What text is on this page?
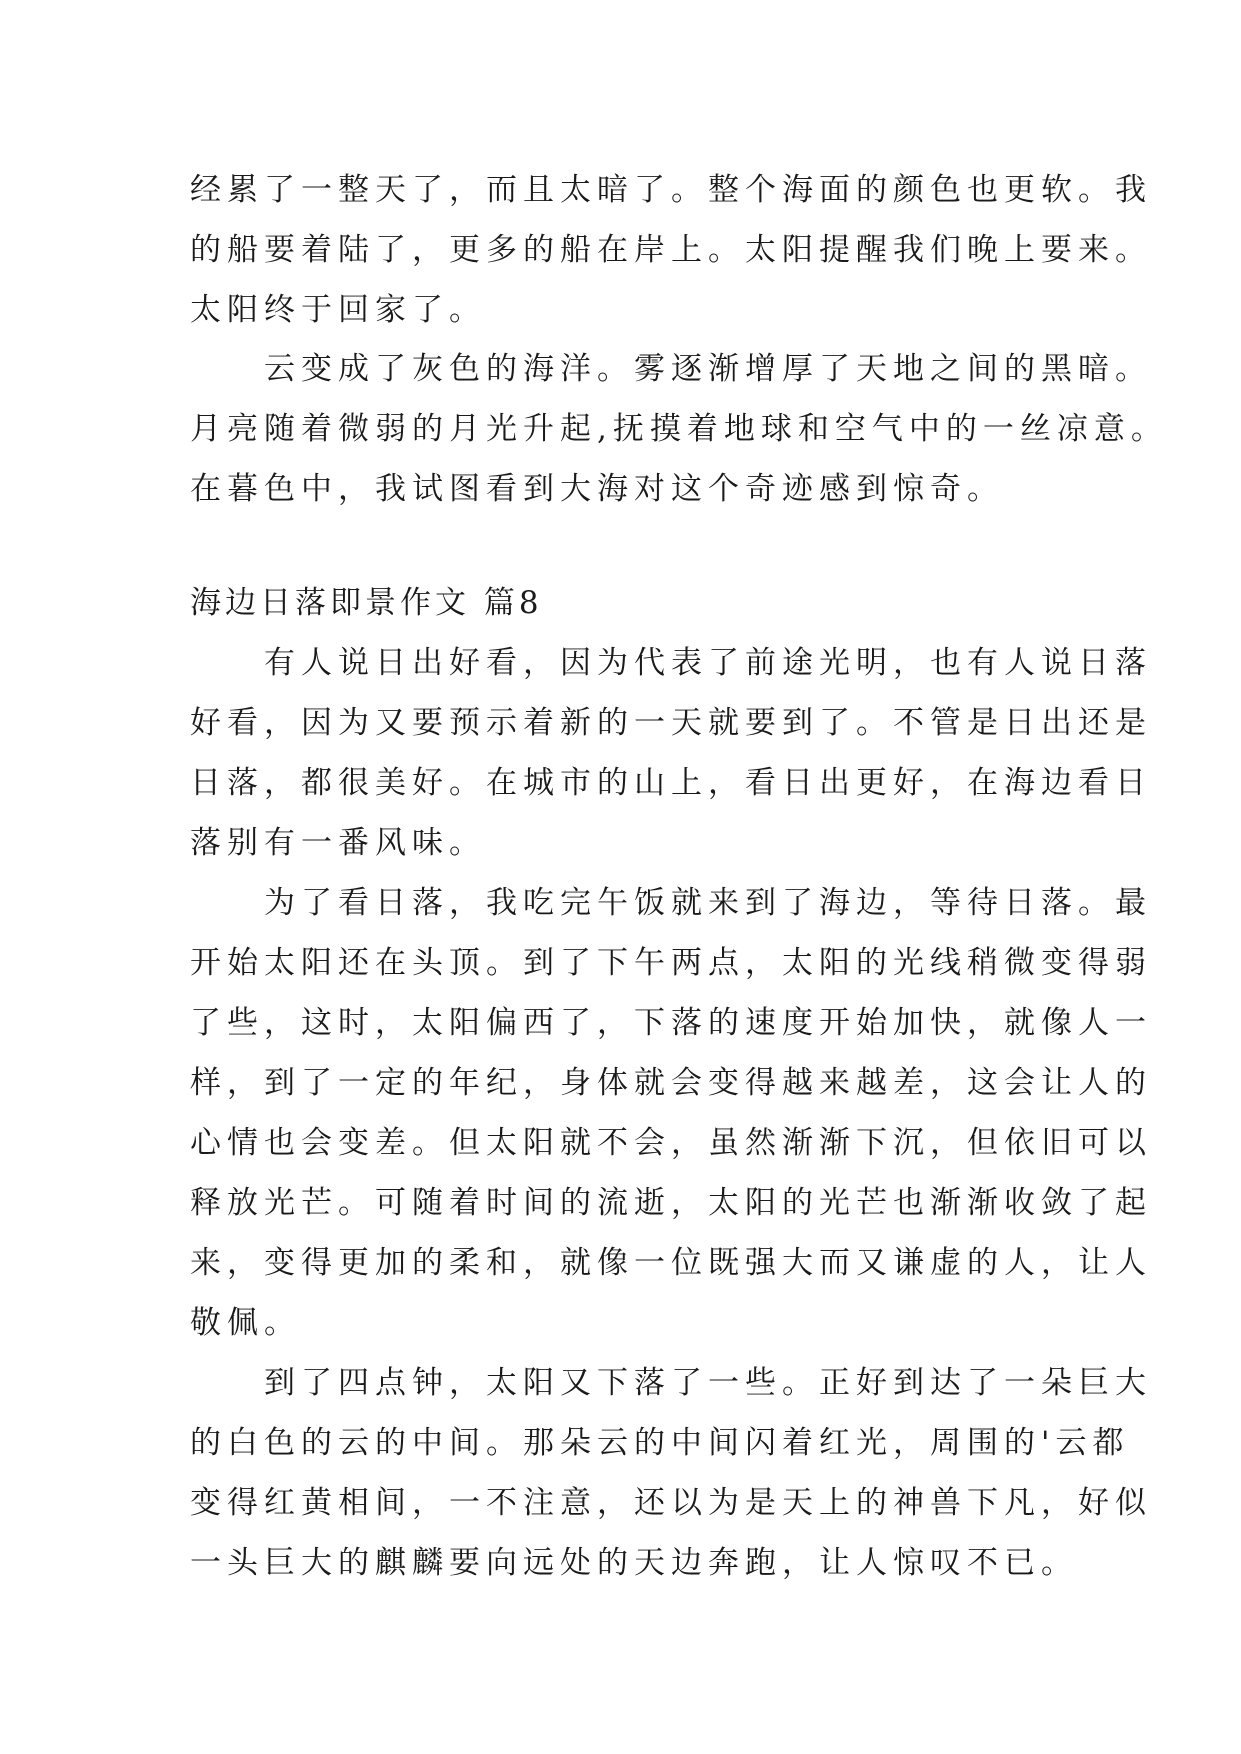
经累了一整天了，而且太暗了。整个海面的颜色也更软。我
的船要着陆了，更多的船在岸上。太阳提醒我们晚上要来。
太阳终于回家了。
　　云变成了灰色的海洋。雾逐渐增厚了天地之间的黑暗。
月亮随着微弱的月光升起,抚摸着地球和空气中的一丝凉意。
在暮色中，我试图看到大海对这个奇迹感到惊奇。
海边日落即景作文 篇8
　　有人说日出好看，因为代表了前途光明，也有人说日落
好看，因为又要预示着新的一天就要到了。不管是日出还是
日落，都很美好。在城市的山上，看日出更好，在海边看日
落别有一番风味。
　　为了看日落，我吃完午饭就来到了海边，等待日落。最
开始太阳还在头顶。到了下午两点，太阳的光线稍微变得弱
了些，这时，太阳偏西了，下落的速度开始加快，就像人一
样，到了一定的年纪，身体就会变得越来越差，这会让人的
心情也会变差。但太阳就不会，虽然渐渐下沉，但依旧可以
释放光芒。可随着时间的流逝，太阳的光芒也渐渐收敛了起
来，变得更加的柔和，就像一位既强大而又谦虚的人，让人
敬佩。
　　到了四点钟，太阳又下落了一些。正好到达了一朵巨大
的白色的云的中间。那朵云的中间闪着红光，周围的'云都
变得红黄相间，一不注意，还以为是天上的神兽下凡，好似
一头巨大的麒麟要向远处的天边奔跑，让人惊叹不已。
